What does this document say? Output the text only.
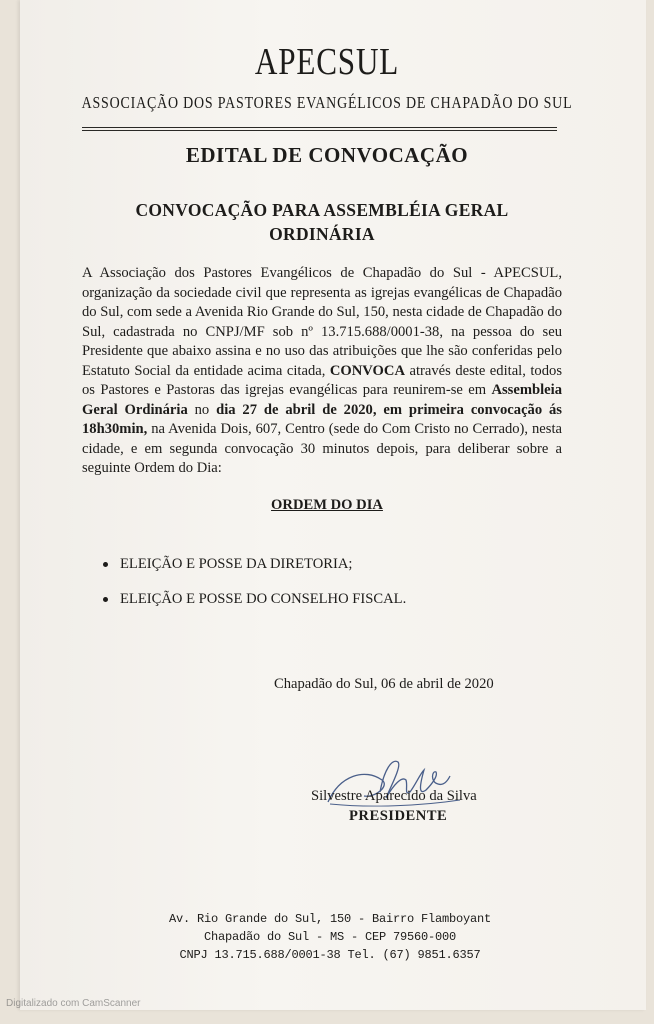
APECSUL
ASSOCIAÇÃO DOS PASTORES EVANGÉLICOS DE CHAPADÃO DO SUL
EDITAL DE CONVOCAÇÃO
CONVOCAÇÃO PARA ASSEMBLÉIA GERAL
ORDINÁRIA
A Associação dos Pastores Evangélicos de Chapadão do Sul - APECSUL, organização da sociedade civil que representa as igrejas evangélicas de Chapadão do Sul, com sede a Avenida Rio Grande do Sul, 150, nesta cidade de Chapadão do Sul, cadastrada no CNPJ/MF sob nº 13.715.688/0001-38, na pessoa do seu Presidente que abaixo assina e no uso das atribuições que lhe são conferidas pelo Estatuto Social da entidade acima citada, CONVOCA através deste edital, todos os Pastores e Pastoras das igrejas evangélicas para reunirem-se em Assembleia Geral Ordinária no dia 27 de abril de 2020, em primeira convocação ás 18h30min, na Avenida Dois, 607, Centro (sede do Com Cristo no Cerrado), nesta cidade, e em segunda convocação 30 minutos depois, para deliberar sobre a seguinte Ordem do Dia:
ORDEM DO DIA
ELEIÇÃO E POSSE DA DIRETORIA;
ELEIÇÃO E POSSE DO CONSELHO FISCAL.
Chapadão do Sul, 06 de abril de 2020
Silvestre Aparecido da Silva
PRESIDENTE
Av. Rio Grande do Sul, 150 - Bairro Flamboyant
Chapadão do Sul - MS - CEP 79560-000
CNPJ 13.715.688/0001-38 Tel. (67) 9851.6357
Digitalizado com CamScanner
